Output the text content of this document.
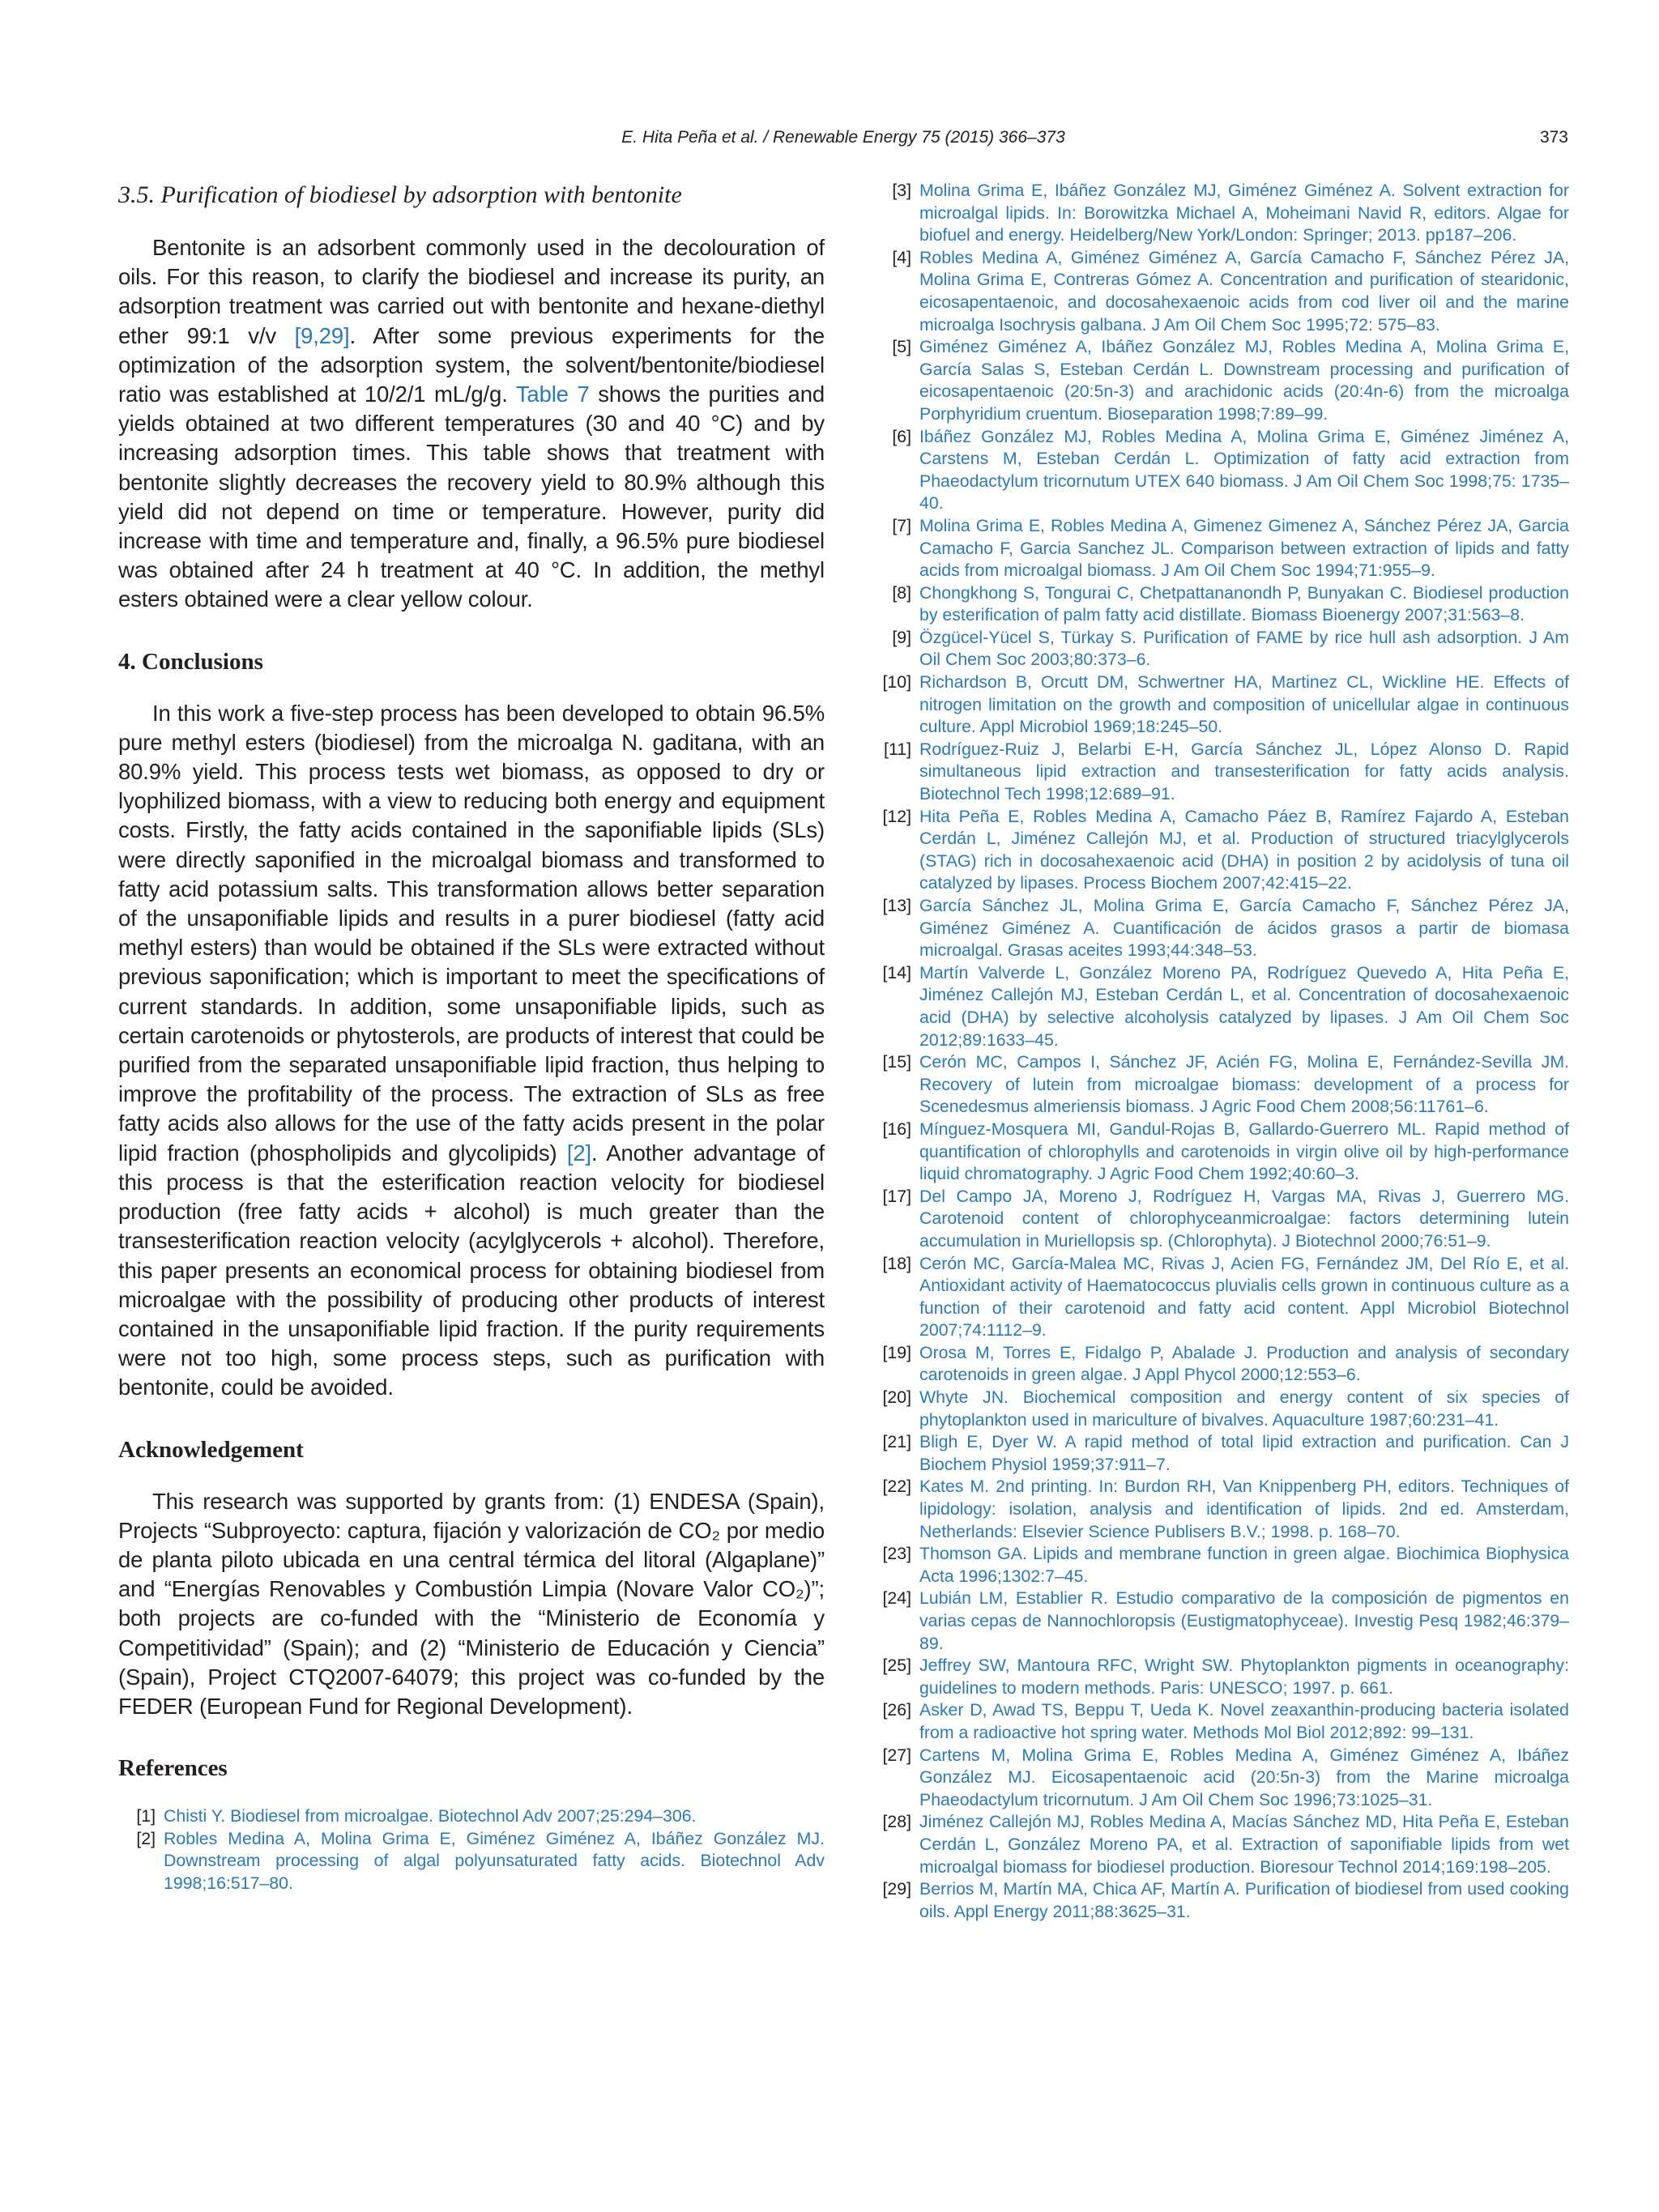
E. Hita Peña et al. / Renewable Energy 75 (2015) 366–373	373
3.5. Purification of biodiesel by adsorption with bentonite

Bentonite is an adsorbent commonly used in the decolouration of oils. For this reason, to clarify the biodiesel and increase its purity, an adsorption treatment was carried out with bentonite and hexane-diethyl ether 99:1 v/v [9,29]. After some previous experiments for the optimization of the adsorption system, the solvent/bentonite/biodiesel ratio was established at 10/2/1 mL/g/g. Table 7 shows the purities and yields obtained at two different temperatures (30 and 40 °C) and by increasing adsorption times. This table shows that treatment with bentonite slightly decreases the recovery yield to 80.9% although this yield did not depend on time or temperature. However, purity did increase with time and temperature and, finally, a 96.5% pure biodiesel was obtained after 24 h treatment at 40 °C. In addition, the methyl esters obtained were a clear yellow colour.

4. Conclusions

In this work a five-step process has been developed to obtain 96.5% pure methyl esters (biodiesel) from the microalga N. gaditana, with an 80.9% yield. This process tests wet biomass, as opposed to dry or lyophilized biomass, with a view to reducing both energy and equipment costs. Firstly, the fatty acids contained in the saponifiable lipids (SLs) were directly saponified in the microalgal biomass and transformed to fatty acid potassium salts. This transformation allows better separation of the unsaponifiable lipids and results in a purer biodiesel (fatty acid methyl esters) than would be obtained if the SLs were extracted without previous saponification; which is important to meet the specifications of current standards. In addition, some unsaponifiable lipids, such as certain carotenoids or phytosterols, are products of interest that could be purified from the separated unsaponifiable lipid fraction, thus helping to improve the profitability of the process. The extraction of SLs as free fatty acids also allows for the use of the fatty acids present in the polar lipid fraction (phospholipids and glycolipids) [2]. Another advantage of this process is that the esterification reaction velocity for biodiesel production (free fatty acids + alcohol) is much greater than the transesterification reaction velocity (acylglycerols + alcohol). Therefore, this paper presents an economical process for obtaining biodiesel from microalgae with the possibility of producing other products of interest contained in the unsaponifiable lipid fraction. If the purity requirements were not too high, some process steps, such as purification with bentonite, could be avoided.

Acknowledgement

This research was supported by grants from: (1) ENDESA (Spain), Projects “Subproyecto: captura, fijación y valorización de CO₂ por medio de planta piloto ubicada en una central térmica del litoral (Algaplane)” and “Energías Renovables y Combustión Limpia (Novare Valor CO₂)”; both projects are co-funded with the “Ministerio de Economía y Competitividad” (Spain); and (2) “Ministerio de Educación y Ciencia” (Spain), Project CTQ2007-64079; this project was co-funded by the FEDER (European Fund for Regional Development).

References
[1] Chisti Y. Biodiesel from microalgae. Biotechnol Adv 2007;25:294–306.
[2] Robles Medina A, Molina Grima E, Giménez Giménez A, Ibáñez González MJ. Downstream processing of algal polyunsaturated fatty acids. Biotechnol Adv 1998;16:517–80.
[3] Molina Grima E, Ibáñez González MJ, Giménez Giménez A. Solvent extraction for microalgal lipids. In: Borowitzka Michael A, Moheimani Navid R, editors. Algae for biofuel and energy. Heidelberg/New York/London: Springer; 2013. pp187–206.
[4] Robles Medina A, Giménez Giménez A, García Camacho F, Sánchez Pérez JA, Molina Grima E, Contreras Gómez A. Concentration and purification of stearidonic, eicosapentaenoic, and docosahexaenoic acids from cod liver oil and the marine microalga Isochrysis galbana. J Am Oil Chem Soc 1995;72: 575–83.
[5] Giménez Giménez A, Ibáñez González MJ, Robles Medina A, Molina Grima E, García Salas S, Esteban Cerdán L. Downstream processing and purification of eicosapentaenoic (20:5n-3) and arachidonic acids (20:4n-6) from the microalga Porphyridium cruentum. Bioseparation 1998;7:89–99.
[6] Ibáñez González MJ, Robles Medina A, Molina Grima E, Giménez Jiménez A, Carstens M, Esteban Cerdán L. Optimization of fatty acid extraction from Phaeodactylum tricornutum UTEX 640 biomass. J Am Oil Chem Soc 1998;75: 1735–40.
[7] Molina Grima E, Robles Medina A, Gimenez Gimenez A, Sánchez Pérez JA, Garcia Camacho F, Garcia Sanchez JL. Comparison between extraction of lipids and fatty acids from microalgal biomass. J Am Oil Chem Soc 1994;71:955–9.
[8] Chongkhong S, Tongurai C, Chetpattananondh P, Bunyakan C. Biodiesel production by esterification of palm fatty acid distillate. Biomass Bioenergy 2007;31:563–8.
[9] Özgücel-Yücel S, Türkay S. Purification of FAME by rice hull ash adsorption. J Am Oil Chem Soc 2003;80:373–6.
[10] Richardson B, Orcutt DM, Schwertner HA, Martinez CL, Wickline HE. Effects of nitrogen limitation on the growth and composition of unicellular algae in continuous culture. Appl Microbiol 1969;18:245–50.
[11] Rodríguez-Ruiz J, Belarbi E-H, García Sánchez JL, López Alonso D. Rapid simultaneous lipid extraction and transesterification for fatty acids analysis. Biotechnol Tech 1998;12:689–91.
[12] Hita Peña E, Robles Medina A, Camacho Páez B, Ramírez Fajardo A, Esteban Cerdán L, Jiménez Callejón MJ, et al. Production of structured triacylglycerols (STAG) rich in docosahexaenoic acid (DHA) in position 2 by acidolysis of tuna oil catalyzed by lipases. Process Biochem 2007;42:415–22.
[13] García Sánchez JL, Molina Grima E, García Camacho F, Sánchez Pérez JA, Giménez Giménez A. Cuantificación de ácidos grasos a partir de biomasa microalgal. Grasas aceites 1993;44:348–53.
[14] Martín Valverde L, González Moreno PA, Rodríguez Quevedo A, Hita Peña E, Jiménez Callejón MJ, Esteban Cerdán L, et al. Concentration of docosahexaenoic acid (DHA) by selective alcoholysis catalyzed by lipases. J Am Oil Chem Soc 2012;89:1633–45.
[15] Cerón MC, Campos I, Sánchez JF, Acién FG, Molina E, Fernández-Sevilla JM. Recovery of lutein from microalgae biomass: development of a process for Scenedesmus almeriensis biomass. J Agric Food Chem 2008;56:11761–6.
[16] Mínguez-Mosquera MI, Gandul-Rojas B, Gallardo-Guerrero ML. Rapid method of quantification of chlorophylls and carotenoids in virgin olive oil by high-performance liquid chromatography. J Agric Food Chem 1992;40:60–3.
[17] Del Campo JA, Moreno J, Rodríguez H, Vargas MA, Rivas J, Guerrero MG. Carotenoid content of chlorophyceanmicroalgae: factors determining lutein accumulation in Muriellopsis sp. (Chlorophyta). J Biotechnol 2000;76:51–9.
[18] Cerón MC, García-Malea MC, Rivas J, Acien FG, Fernández JM, Del Río E, et al. Antioxidant activity of Haematococcus pluvialis cells grown in continuous culture as a function of their carotenoid and fatty acid content. Appl Microbiol Biotechnol 2007;74:1112–9.
[19] Orosa M, Torres E, Fidalgo P, Abalade J. Production and analysis of secondary carotenoids in green algae. J Appl Phycol 2000;12:553–6.
[20] Whyte JN. Biochemical composition and energy content of six species of phytoplankton used in mariculture of bivalves. Aquaculture 1987;60:231–41.
[21] Bligh E, Dyer W. A rapid method of total lipid extraction and purification. Can J Biochem Physiol 1959;37:911–7.
[22] Kates M. 2nd printing. In: Burdon RH, Van Knippenberg PH, editors. Techniques of lipidology: isolation, analysis and identification of lipids. 2nd ed. Amsterdam, Netherlands: Elsevier Science Publisers B.V.; 1998. p. 168–70.
[23] Thomson GA. Lipids and membrane function in green algae. Biochimica Biophysica Acta 1996;1302:7–45.
[24] Lubián LM, Establier R. Estudio comparativo de la composición de pigmentos en varias cepas de Nannochloropsis (Eustigmatophyceae). Investig Pesq 1982;46:379–89.
[25] Jeffrey SW, Mantoura RFC, Wright SW. Phytoplankton pigments in oceanography: guidelines to modern methods. Paris: UNESCO; 1997. p. 661.
[26] Asker D, Awad TS, Beppu T, Ueda K. Novel zeaxanthin-producing bacteria isolated from a radioactive hot spring water. Methods Mol Biol 2012;892: 99–131.
[27] Cartens M, Molina Grima E, Robles Medina A, Giménez Giménez A, Ibáñez González MJ. Eicosapentaenoic acid (20:5n-3) from the Marine microalga Phaeodactylum tricornutum. J Am Oil Chem Soc 1996;73:1025–31.
[28] Jiménez Callejón MJ, Robles Medina A, Macías Sánchez MD, Hita Peña E, Esteban Cerdán L, González Moreno PA, et al. Extraction of saponifiable lipids from wet microalgal biomass for biodiesel production. Bioresour Technol 2014;169:198–205.
[29] Berrios M, Martín MA, Chica AF, Martín A. Purification of biodiesel from used cooking oils. Appl Energy 2011;88:3625–31.
